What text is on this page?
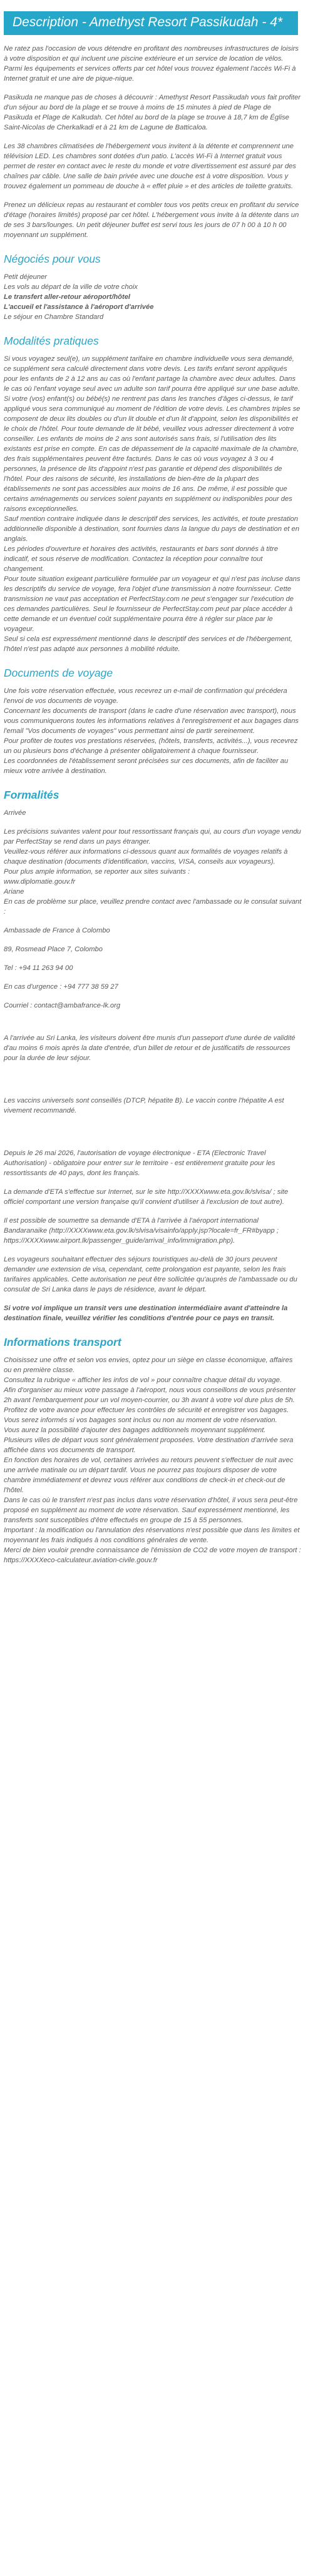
Description - Amethyst Resort Passikudah - 4*

Ne ratez pas l'occasion de vous détendre en profitant des nombreuses infrastructures de loisirs à votre disposition et qui incluent une piscine extérieure et un service de location de vélos. Parmi les équipements et services offerts par cet hôtel vous trouvez également l'accès Wi-Fi à Internet gratuit et une aire de pique-nique.

Pasikuda ne manque pas de choses à découvrir : Amethyst Resort Passikudah vous fait profiter d'un séjour au bord de la plage et se trouve à moins de 15 minutes à pied de Plage de Pasikuda et Plage de Kalkudah. Cet hôtel au bord de la plage se trouve à 18,7 km de Église Saint-Nicolas de Cherkalkadi et à 21 km de Lagune de Batticaloa.

Les 38 chambres climatisées de l'hébergement vous invitent à la détente et comprennent une télévision LED. Les chambres sont dotées d'un patio. L'accès Wi-Fi à Internet gratuit vous permet de rester en contact avec le reste du monde et votre divertissement est assuré par des chaînes par câble. Une salle de bain privée avec une douche est à votre disposition. Vous y trouvez également un pommeau de douche à « effet pluie » et des articles de toilette gratuits.

Prenez un délicieux repas au restaurant et combler tous vos petits creux en profitant du service d'étage (horaires limités) proposé par cet hôtel. L'hébergement vous invite à la détente dans un de ses 3 bars/lounges. Un petit déjeuner buffet est servi tous les jours de 07 h 00 à 10 h 00 moyennant un supplément.

Négociés pour vous
Petit déjeuner
Les vols au départ de la ville de votre choix
Le transfert aller-retour aéroport/hôtel
L'accueil et l'assistance à l'aéroport d'arrivée
Le séjour en Chambre Standard
Modalités pratiques

Si vous voyagez seul(e), un supplément tarifaire en chambre individuelle vous sera demandé, ce supplément sera calculé directement dans votre devis. Les tarifs enfant seront appliqués pour les enfants de 2 à 12 ans au cas où l'enfant partage la chambre avec deux adultes. Dans le cas où l'enfant voyage seul avec un adulte son tarif pourra être appliqué sur une base adulte. Si votre (vos) enfant(s) ou bébé(s) ne rentrent pas dans les tranches d'âges ci-dessus, le tarif appliqué vous sera communiqué au moment de l'édition de votre devis. Les chambres triples se composent de deux lits doubles ou d'un lit double et d'un lit d'appoint, selon les disponibilités et le choix de l'hôtel. Pour toute demande de lit bébé, veuillez vous adresser directement à votre conseiller. Les enfants de moins de 2 ans sont autorisés sans frais, si l'utilisation des lits existants est prise en compte. En cas de dépassement de la capacité maximale de la chambre, des frais supplémentaires peuvent être facturés. Dans le cas où vous voyagez à 3 ou 4 personnes, la présence de lits d'appoint n'est pas garantie et dépend des disponibilités de l'hôtel. Pour des raisons de sécurité, les installations de bien-être de la plupart des établissements ne sont pas accessibles aux moins de 16 ans. De même, il est possible que certains aménagements ou services soient payants en supplément ou indisponibles pour des raisons exceptionnelles.

Sauf mention contraire indiquée dans le descriptif des services, les activités, et toute prestation additionnelle disponible à destination, sont fournies dans la langue du pays de destination et en anglais.

Les périodes d'ouverture et horaires des activités, restaurants et bars sont donnés à titre indicatif, et sous réserve de modification. Contactez la réception pour connaître tout changement.

Pour toute situation exigeant particulière formulée par un voyageur et qui n'est pas incluse dans les descriptifs du service de voyage, fera l'objet d'une transmission à notre fournisseur. Cette transmission ne vaut pas acceptation et PerfectStay.com ne peut s'engager sur l'exécution de ces demandes particulières. Seul le fournisseur de PerfectStay.com peut par place accéder à cette demande et un éventuel coût supplémentaire pourra être à régler sur place par le voyageur.

Seul si cela est expressément mentionné dans le descriptif des services et de l'hébergement, l'hôtel n'est pas adapté aux personnes à mobilité réduite.

Documents de voyage

Une fois votre réservation effectuée, vous recevrez un e-mail de confirmation qui précédera l'envoi de vos documents de voyage.

Concernant les documents de transport (dans le cadre d'une réservation avec transport), nous vous communiquerons toutes les informations relatives à l'enregistrement et aux bagages dans l'email "Vos documents de voyages" vous permettant ainsi de partir sereinement.

Pour profiter de toutes vos prestations réservées, (hôtels, transferts, activités...), vous recevrez un ou plusieurs bons d'échange à présenter obligatoirement à chaque fournisseur.

Les coordonnées de l'établissement seront précisées sur ces documents, afin de faciliter au mieux votre arrivée à destination.

Formalités

Arrivée

Les précisions suivantes valent pour tout ressortissant français qui, au cours d'un voyage vendu par PerfectStay se rend dans un pays étranger.

Veuillez-vous référer aux informations ci-dessous quant aux formalités de voyages relatifs à chaque destination (documents d'identification, vaccins, VISA, conseils aux voyageurs).

Pour plus ample information, se reporter aux sites suivants :

www.diplomatie.gouv.fr

Ariane

En cas de problème sur place, veuillez prendre contact avec l'ambassade ou le consulat suivant :

Ambassade de France à Colombo

89, Rosmead Place 7, Colombo

Tel : +94 11 263 94 00

En cas d'urgence : +94 777 38 59 27

Courriel : contact@ambafrance-lk.org

A l'arrivée au Sri Lanka, les visiteurs doivent être munis d'un passeport d'une durée de validité d'au moins 6 mois après la date d'entrée, d'un billet de retour et de justificatifs de ressources pour la durée de leur séjour.

Les vaccins universels sont conseillés (DTCP, hépatite B). Le vaccin contre l'hépatite A est vivement recommandé.

Depuis le 26 mai 2026, l'autorisation de voyage électronique - ETA (Electronic Travel Authorisation) - obligatoire pour entrer sur le territoire - est entièrement gratuite pour les ressortissants de 40 pays, dont les français.

La demande d'ETA s'effectue sur Internet, sur le site http://XXXXwww.eta.gov.lk/slvisa/ ; site officiel comportant une version française qu'il convient d'utiliser à l'exclusion de tout autre).

Il est possible de soumettre sa demande d'ETA à l'arrivée à l'aéroport international Bandaranaike (http://XXXXwww.eta.gov.lk/slvisa/visainfo/apply.jsp?locale=fr_FR#byapp ; https://XXXXwww.airport.lk/passenger_guide/arrival_info/immigration.php).

Les voyageurs souhaitant effectuer des séjours touristiques au-delà de 30 jours peuvent demander une extension de visa, cependant, cette prolongation est payante, selon les frais tarifaires applicables. Cette autorisation ne peut être sollicitée qu'auprès de l'ambassade ou du consulat de Sri Lanka dans le pays de résidence, avant le départ.

Si votre vol implique un transit vers une destination intermédiaire avant d'atteindre la destination finale, veuillez vérifier les conditions d'entrée pour ce pays en transit.

Informations transport

Choisissez une offre et selon vos envies, optez pour un siège en classe économique, affaires ou en première classe.

Consultez la rubrique « afficher les infos de vol » pour connaître chaque détail du voyage.

Afin d'organiser au mieux votre passage à l'aéroport, nous vous conseillons de vous présenter 2h avant l'embarquement pour un vol moyen-courrier, ou 3h avant à votre vol dure plus de 5h. Profitez de votre avance pour effectuer les contrôles de sécurité et enregistrer vos bagages.

Vous serez informés si vos bagages sont inclus ou non au moment de votre réservation.

Vous aurez la possibilité d'ajouter des bagages additionnels moyennant supplément.

Plusieurs villes de départ vous sont généralement proposées. Votre destination d'arrivée sera affichée dans vos documents de transport.

En fonction des horaires de vol, certaines arrivées au retours peuvent s'effectuer de nuit avec une arrivée matinale ou un départ tardif. Vous ne pourrez pas toujours disposer de votre chambre immédiatement et devrez vous référer aux conditions de check-in et check-out de l'hôtel.

Dans le cas où le transfert n'est pas inclus dans votre réservation d'hôtel, il vous sera peut-être proposé en supplément au moment de votre réservation. Sauf expressément mentionné, les transferts sont susceptibles d'être effectués en groupe de 15 à 55 personnes.

Important : la modification ou l'annulation des réservations n'est possible que dans les limites et moyennant les frais indiqués à nos conditions générales de vente.

Merci de bien vouloir prendre connaissance de l'émission de CO2 de votre moyen de transport : https://XXXXeco-calculateur.aviation-civile.gouv.fr
